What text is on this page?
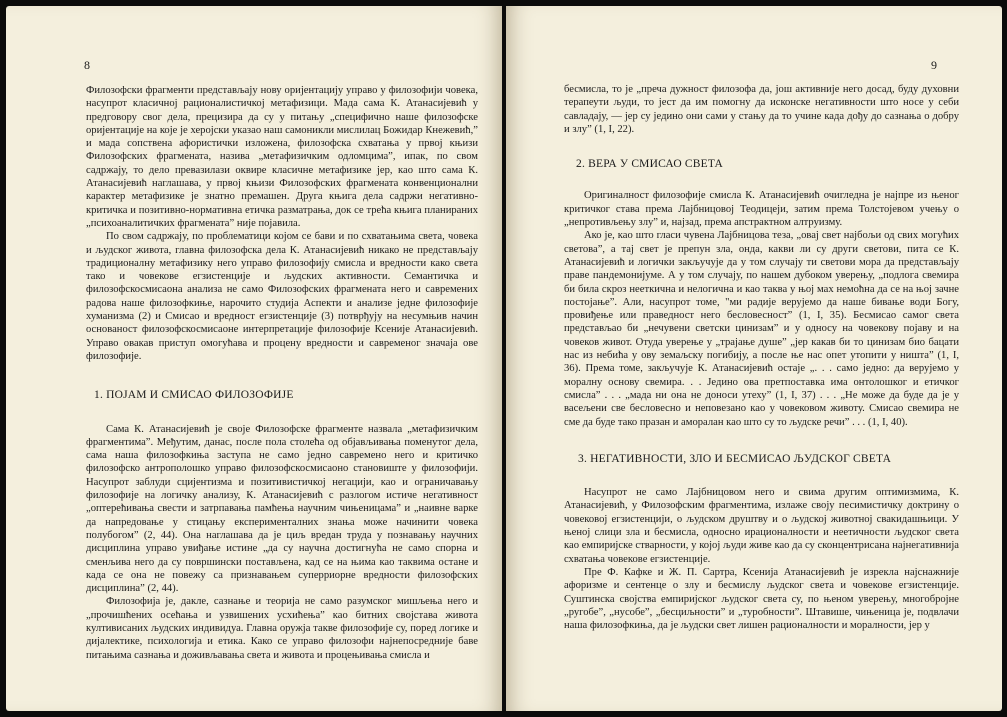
8

Филозофски фрагменти представљају нову оријентацију управо у филозофији човека, насупрот класичној рационалистичкој метафизици. Мада сама К. Атанасијевић у предговору свог дела, прецизира да су у питању „специфично наше филозофске оријентације на које је херојски указао наш самоникли мислилац Божидар Кнежевић,” и мада сопствена афористички изложена, филозофска схватања у првој књизи Филозофских фрагмената, назива „метафизичким одломцима”, ипак, по свом садржају, то дело превазилази оквире класичне метафизике јер, као што сама К. Атанасијевић наглашава, у првој књизи Филозофских фрагмената конвенционални карактер метафизике је знатно премашен. Друга књига дела садржи негативно-критичка и позитивно-нормативна етичка разматрања, док се трећа књига планираних „психоаналитичких фрагмената” није појавила.

По свом садржају, по проблематици којом се бави и по схватањима света, човека и људског живота, главна филозофска дела К. Атанасијевић никако не представљају традиционалну метафизику него управо филозофију смисла и вредности како света тако и човекове егзистенције и људских активности. Семантичка и филозофскосмисаона анализа не само Филозофских фрагмената него и савремених радова наше филозофкиње, нарочито студија Аспекти и анализе једне филозофије хуманизма (2) и Смисао и вредност егзистенције (3) потврђују на несумњив начин основаност филозофскосмисаоне интерпретације филозофије Ксеније Атанасијевић. Управо овакав приступ омогућава и процену вредности и савременог значаја ове филозофије.

1. ПОЈАМ И СМИСАО ФИЛОЗОФИЈЕ

Сама К. Атанасијевић је своје Филозофске фрагменте назвала „метафизичким фрагментима”. Међутим, данас, после пола столећа од објављивања поменутог дела, сама наша филозофкиња заступа не само једно савремено него и критичко филозофско антрополошко управо филозофскосмисаоно становиште у филозофији. Насупрот заблуди сцијентизма и позитивистичкој негацији, као и ограничавању филозофије на логичку анализу, К. Атанасијевић с разлогом истиче негативност „оптерећивања свести и затрпавања памћења научним чињеницама” и „наивне варке да напредовање у стицању експерименталних знања може начинити човека полубогом” (2, 44). Она наглашава да је циљ вредан труда у познавању научних дисциплина управо увиђање истине „да су научна достигнућа не само спорна и сменљива него да су површински постављена, кад се на њима као таквима остане и када се она не повежу са признавањем суперриорне вредности филозофских дисциплина” (2, 44).

Филозофија је, дакле, сазнање и теорија не само разумског мишљења него и „прочишћених осећања и узвишених усхићења” као битних својстава живота култивисаних људских индивидуа. Главна оружја такве филозофије су, поред логике и дијалектике, психологија и етика. Како се управо филозофи најнепосредније баве питањима сазнања и доживљавања света и живота и процењивања смисла и

9

бесмисла, то је „преча дужност филозофа да, још активније него досад, буду духовни терапеути људи, то јест да им помогну да исконске негативности што носе у себи савладају, — јер су једино они сами у стању да то учине када дођу до сазнања о добру и злу” (1, I, 22).

2. ВЕРА У СМИСАО СВЕТА

Оригиналност филозофије смисла К. Атанасијевић очигледна је најпре из њеног критичког става према Лајбницовој Теодицеји, затим према Толстојевом учењу о „непротивљењу злу” и, најзад, према апстрактном алтруизму.

Ако је, као што гласи чувена Лајбницова теза, „овај свет најбољи од свих могућих светова”, а тај свет је препун зла, онда, какви ли су други светови, пита се К. Атанасијевић и логички закључује да у том случају ти светови мора да представљају праве пандемонијуме. А у том случају, по нашем дубоком уверењу, „подлога свемира би била скроз нееткична и нелогична и као таква у њој мах немоћна да се на њој зачне постојање”. Али, насупрот томе, "ми радије верујемо да наше бивање води Богу, провиђење или праведност него бесловесност” (1, I, 35). Бесмисао самог света представљао би „нечувени светски цинизам” и у односу на човекову појаву и на човеков живот. Отуда уверење у „трајање душе” „јер какав би то цинизам био бацати нас из небића у ову земаљску погибију, а после ње нас опет утопити у ништа” (1, I, 36). Према томе, закључује К. Атанасијевић остаје „. . . само једно: да верујемо у моралну основу свемира. . . Једино ова претпоставка има онтолошког и етичког смисла” . . . „мада ни она не доноси утеху” (1, I, 37) . . . „Не може да буде да је у васељени све бесловесно и неповезано као у човековом животу. Смисао свемира не сме да буде тако празан и аморалан као што су то људске речи” . . . (1, I, 40).

3. НЕГАТИВНОСТИ, ЗЛО И БЕСМИСАО ЉУДСКОГ СВЕТА

Насупрот не само Лајбницовом него и свима другим оптимизмима, К. Атанасијевић, у Филозофским фрагментима, излаже своју песимистичку доктрину о човековој егзистенцији, о људском друштву и о људској животној свакидашњици. У њеној слици зла и бесмисла, односно ирационалности и неетичности људског света као емпиријске стварности, у којој људи живе као да су сконцентрисана најнегативнија схватања човекове егзистенције.

Пре Ф. Кафке и Ж. П. Сартра, Ксенија Атанасијевић је изрекла најснажније афоризме и сентенце о злу и бесмислу људског света и човекове егзистенције. Суштинска својства емпиријског људског света су, по њеном уверењу, многобројне „ругобе”, „нусобе”, „бесциљности” и „туробности”. Штавише, чињеница је, подвлачи наша филозофкиња, да је људски свет лишен рационалности и моралности, јер у
